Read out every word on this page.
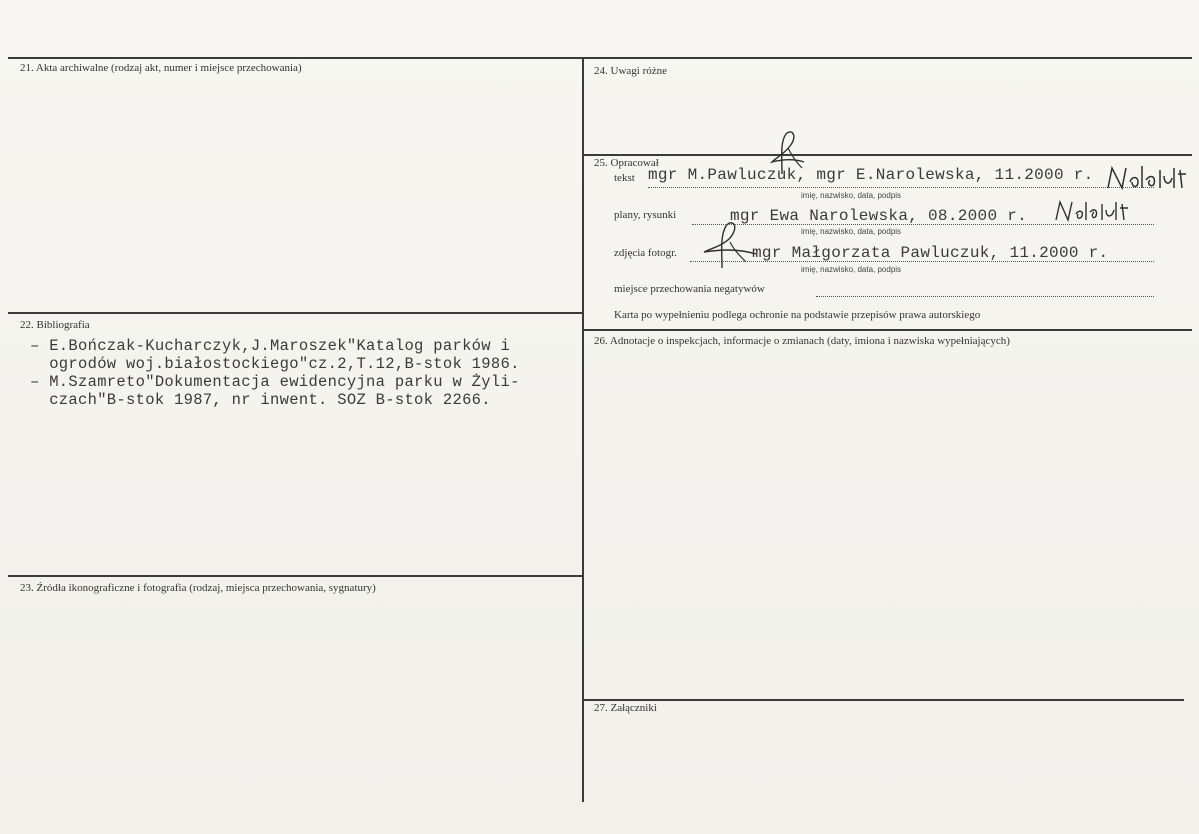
21. Akta archiwalne (rodzaj akt, numer i miejsce przechowania)
22. Bibliografia
– E.Bończak-Kucharczyk,J.Maroszek"Katalog parków i
ogrodów woj.białostockiego"cz.2,T.12,B-stok 1986.
– M.Szamreto"Dokumentacja ewidencyjna parku w Żyli-
czach"B-stok 1987, nr inwent. SOZ B-stok 2266.
23. Źródła ikonograficzne i fotografia (rodzaj, miejsca przechowania, sygnatury)
24. Uwagi różne
25. Opracował
tekst mgr M.Pawluczuk, mgr E.Narolewska, 11.2000 r.
imię, nazwisko, data, podpis
plany, rysunki	mgr Ewa Narolewska, 08.2000 r.
imię, nazwisko, data, podpis
zdjęcia fotogr.	mgr Małgorzata Pawluczuk, 11.2000 r.
imię, nazwisko, data, podpis
miejsce przechowania negatywów
Karta po wypełnieniu podlega ochronie na podstawie przepisów prawa autorskiego
26. Adnotacje o inspekcjach, informacje o zmianach (daty, imiona i nazwiska wypełniających)
27. Załączniki
